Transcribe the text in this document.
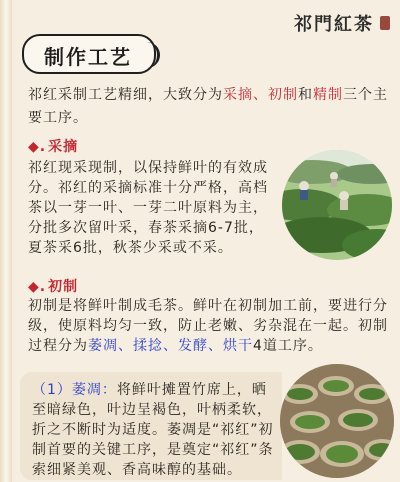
祁門紅茶
制作工艺
祁红采制工艺精细，大致分为采摘、初制和精制三个主要工序。
◆. 采摘
祁红现采现制，以保持鲜叶的有效成分。祁红的采摘标准十分严格，高档茶以一芽一叶、一芽二叶原料为主，分批多次留叶采，春茶采摘6-7批，夏茶采6批，秋茶少采或不采。
◆. 初制
初制是将鲜叶制成毛茶。鲜叶在初制加工前，要进行分级，使原料均匀一致，防止老嫩、劣杂混在一起。初制过程分为萎凋、揉捻、发酵、烘干4道工序。
（1）萎凋：将鲜叶摊置竹席上，晒至暗绿色，叶边呈褐色，叶柄柔软，折之不断时为适度。萎凋是“祁红”初制首要的关键工序，是奠定“祁红”条索细紧美观、香高味醇的基础。
